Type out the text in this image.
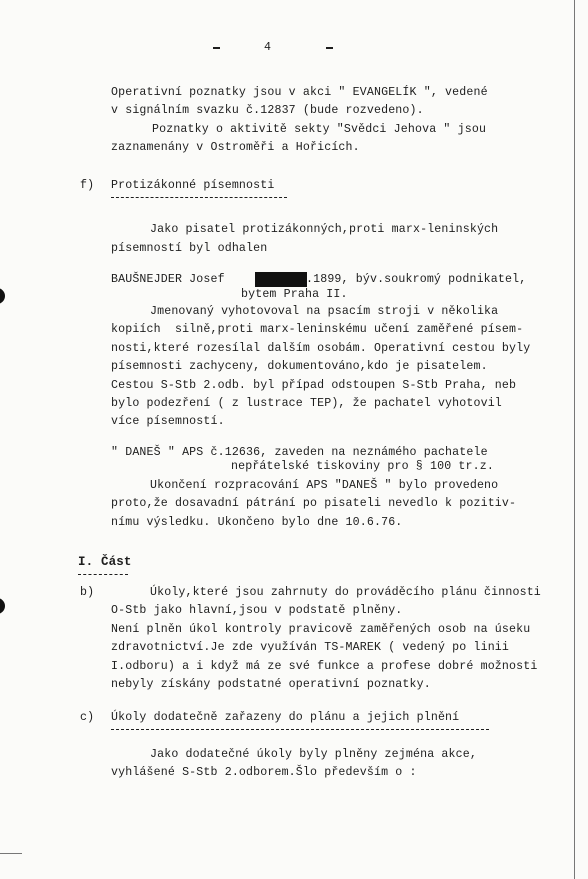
4
Operativní poznatky jsou v akci " EVANGELÍK ", vedené
v signálním svazku č.12837 (bude rozvedeno).
Poznatky o aktivitě sekty "Svědci Jehova " jsou
zaznamenány v Ostroměři a Hořicích.
f) Protizákonné písemnosti
Jako pisatel protizákonných,proti marx-leninských
písemností byl odhalen
BAUŠNEJDER Josef	.1899, býv.soukromý podnikatel,
bytem Praha II.
Jmenovaný vyhotovoval na psacím stroji v několika
kopiích  silně,proti marx-leninskému učení zaměřené písem-
nosti,které rozesílal dalším osobám. Operativní cestou byly
písemnosti zachyceny, dokumentováno,kdo je pisatelem.
Cestou S-Stb 2.odb. byl případ odstoupen S-Stb Praha, neb
bylo podezření ( z lustrace TEP), že pachatel vyhotovil
více písemností.
" DANEŠ " APS č.12636, zaveden na neznámého pachatele
nepřátelské tiskoviny pro § 100 tr.z.
Ukončení rozpracování APS "DANEŠ " bylo provedeno
proto,že dosavadní pátrání po pisateli nevedlo k pozitiv-
nímu výsledku. Ukončeno bylo dne 10.6.76.
I. Část
b)	Úkoly,které jsou zahrnuty do prováděcího plánu činnosti
O-Stb jako hlavní,jsou v podstatě plněny.
Není plněn úkol kontroly pravicově zaměřených osob na úseku
zdravotnictví.Je zde využíván TS-MAREK ( vedený po linii
I.odboru) a i když má ze své funkce a profese dobré možnosti
nebyly získány podstatné operativní poznatky.
c) Úkoly dodatečně zařazeny do plánu a jejich plnění
Jako dodatečné úkoly byly plněny zejména akce,
vyhlášené S-Stb 2.odborem.Šlo především o :
